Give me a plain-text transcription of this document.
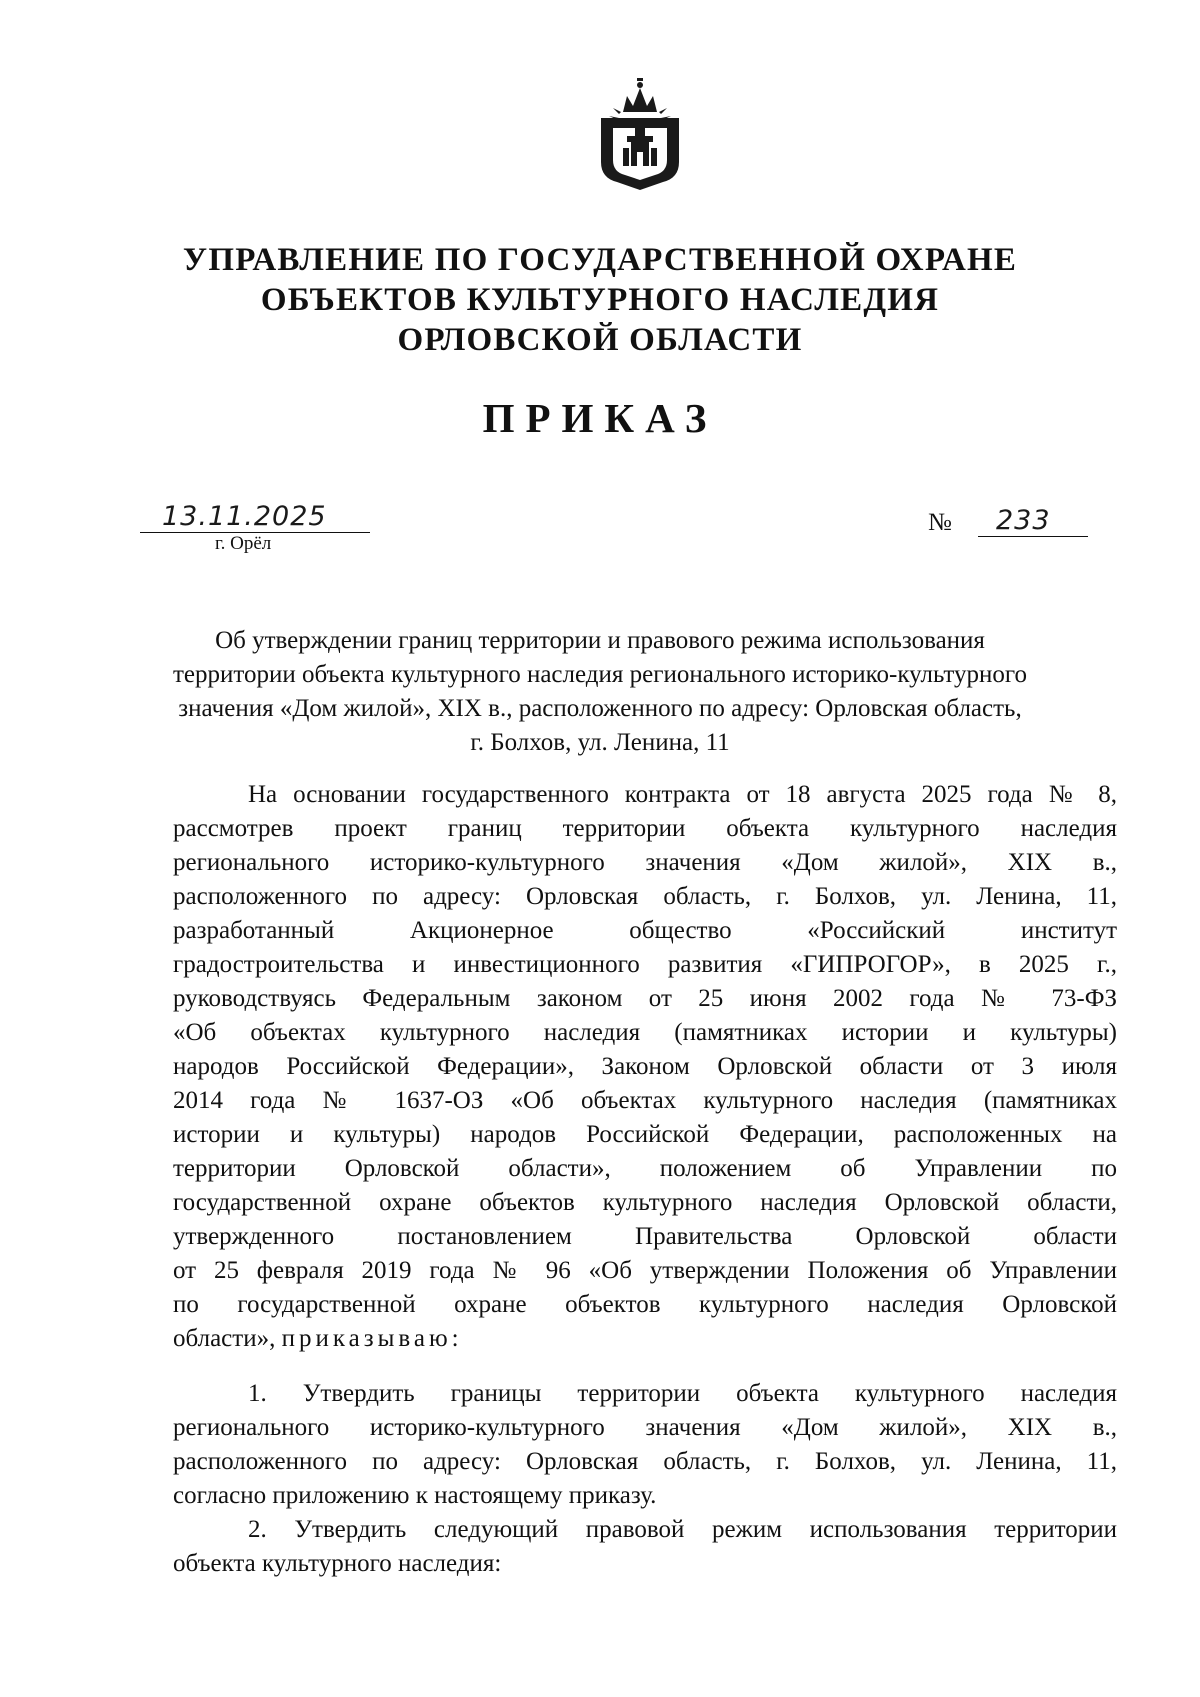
УПРАВЛЕНИЕ ПО ГОСУДАРСТВЕННОЙ ОХРАНЕ
ОБЪЕКТОВ КУЛЬТУРНОГО НАСЛЕДИЯ
ОРЛОВСКОЙ ОБЛАСТИ
ПРИКАЗ
13.11.2025
г. Орёл
№ 233
Об утверждении границ территории и правового режима использования
территории объекта культурного наследия регионального историко-культурного
значения «Дом жилой», XIX в., расположенного по адресу: Орловская область,
г. Болхов, ул. Ленина, 11
На основании государственного контракта от 18 августа 2025 года № 8,
рассмотрев проект границ территории объекта культурного наследия
регионального историко-культурного значения «Дом жилой», XIX в.,
расположенного по адресу: Орловская область, г. Болхов, ул. Ленина, 11,
разработанный Акционерное общество «Российский институт
градостроительства и инвестиционного развития «ГИПРОГОР», в 2025 г.,
руководствуясь Федеральным законом от 25 июня 2002 года № 73-ФЗ
«Об объектах культурного наследия (памятниках истории и культуры)
народов Российской Федерации», Законом Орловской области от 3 июля
2014 года № 1637-ОЗ «Об объектах культурного наследия (памятниках
истории и культуры) народов Российской Федерации, расположенных на
территории Орловской области», положением об Управлении по
государственной охране объектов культурного наследия Орловской области,
утвержденного постановлением Правительства Орловской области
от 25 февраля 2019 года № 96 «Об утверждении Положения об Управлении
по государственной охране объектов культурного наследия Орловской
области», приказываю:
1. Утвердить границы территории объекта культурного наследия
регионального историко-культурного значения «Дом жилой», XIX в.,
расположенного по адресу: Орловская область, г. Болхов, ул. Ленина, 11,
согласно приложению к настоящему приказу.
2. Утвердить следующий правовой режим использования территории
объекта культурного наследия:
